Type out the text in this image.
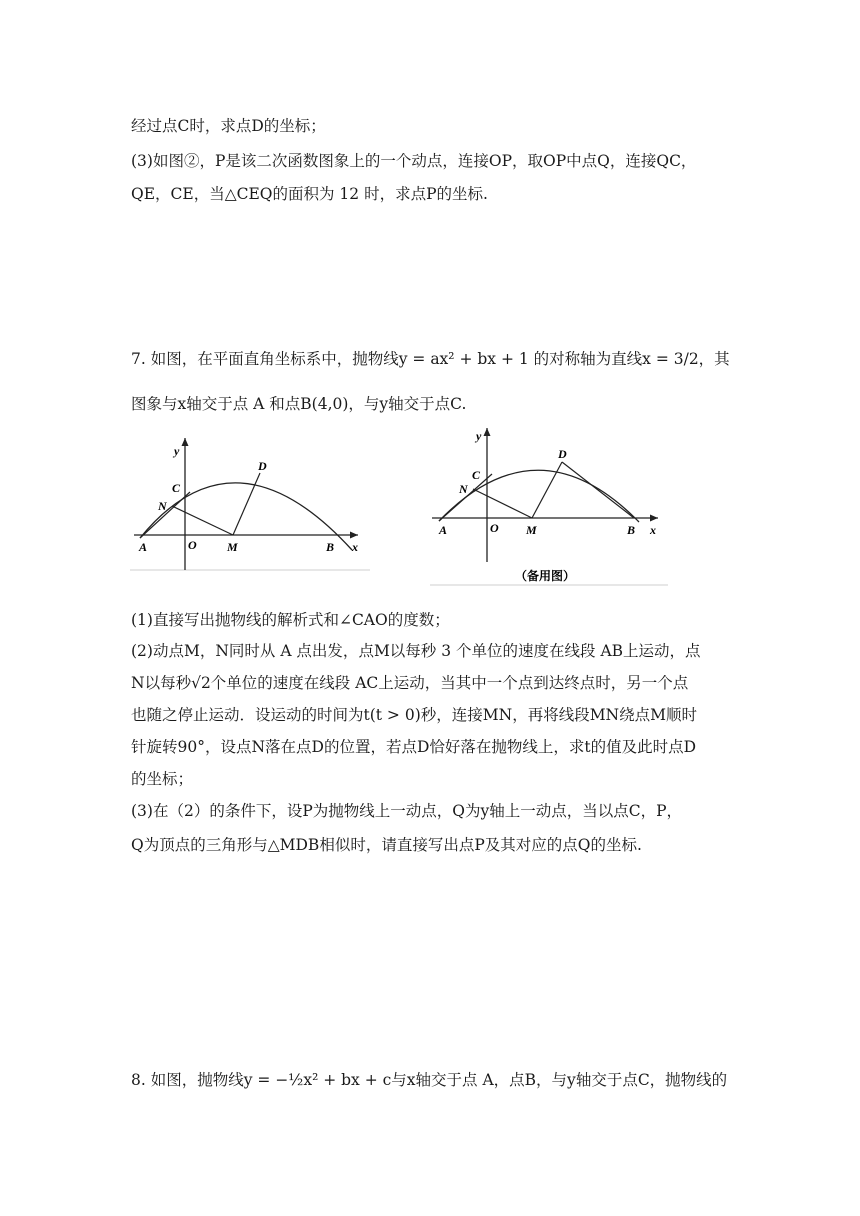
经过点C时，求点D的坐标；
(3)如图②，P是该二次函数图象上的一个动点，连接OP，取OP中点Q，连接QC，
QE，CE，当△CEQ的面积为 12 时，求点P的坐标.
7. 如图，在平面直角坐标系中，抛物线y = ax² + bx + 1 的对称轴为直线x = 3/2，其
图象与x轴交于点 A 和点B(4,0)，与y轴交于点C.
y
x
A	O	M	B
C
N
D
y
x
A	O M	B
C
N
D
（备用图）
(1)直接写出抛物线的解析式和∠CAO的度数；
(2)动点M，N同时从 A 点出发，点M以每秒 3 个单位的速度在线段 AB上运动，点
N以每秒√2个单位的速度在线段 AC上运动，当其中一个点到达终点时，另一个点
也随之停止运动．设运动的时间为t(t > 0)秒，连接MN，再将线段MN绕点M顺时
针旋转90°，设点N落在点D的位置，若点D恰好落在抛物线上，求t的值及此时点D
的坐标；
(3)在（2）的条件下，设P为抛物线上一动点，Q为y轴上一动点，当以点C，P，
Q为顶点的三角形与△MDB相似时，请直接写出点P及其对应的点Q的坐标.
8. 如图，抛物线y = −½x² + bx + c与x轴交于点 A，点B，与y轴交于点C，抛物线的
